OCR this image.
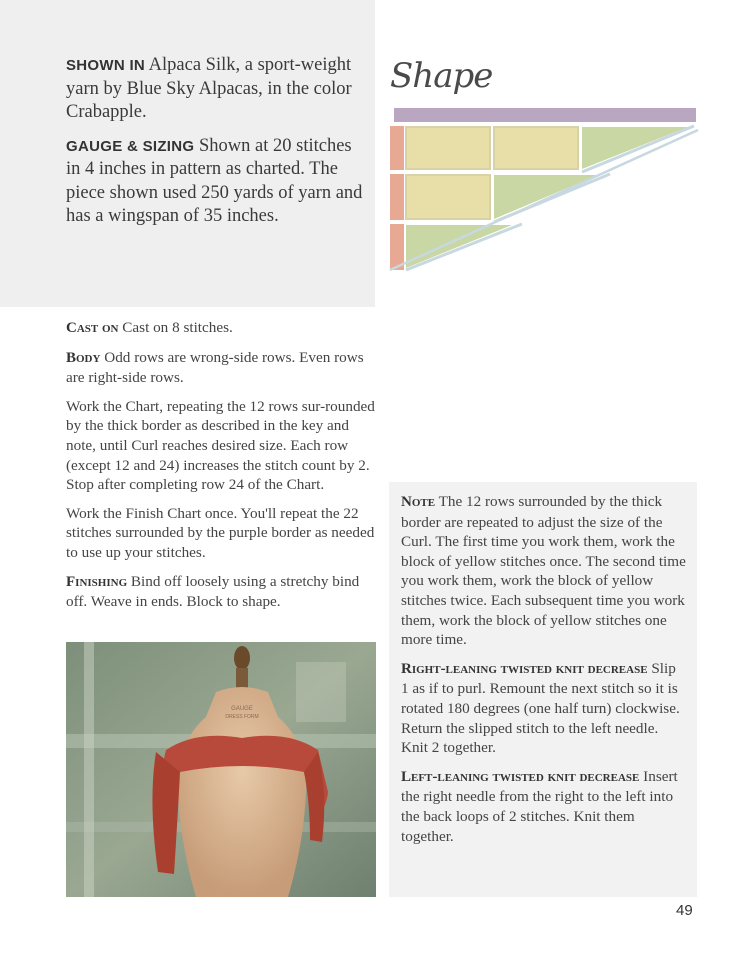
SHOWN IN Alpaca Silk, a sport-weight yarn by Blue Sky Alpacas, in the color Crabapple.

GAUGE & SIZING Shown at 20 stitches in 4 inches in pattern as charted. The piece shown used 250 yards of yarn and has a wingspan of 35 inches.

Shape

Cast on Cast on 8 stitches.

Body Odd rows are wrong-side rows. Even rows are right-side rows.

Work the Chart, repeating the 12 rows sur-rounded by the thick border as described in the key and note, until Curl reaches desired size. Each row (except 12 and 24) increases the stitch count by 2. Stop after completing row 24 of the Chart.

Work the Finish Chart once. You'll repeat the 22 stitches surrounded by the purple border as needed to use up your stitches.

Finishing Bind off loosely using a stretchy bind off. Weave in ends. Block to shape.

GAUGE
DRESS FORM

Note The 12 rows surrounded by the thick border are repeated to adjust the size of the Curl. The first time you work them, work the block of yellow stitches once. The second time you work them, work the block of yellow stitches twice. Each subsequent time you work them, work the block of yellow stitches one more time.

Right-leaning twisted knit decrease Slip 1 as if to purl. Remount the next stitch so it is rotated 180 degrees (one half turn) clockwise. Return the slipped stitch to the left needle. Knit 2 together.

Left-leaning twisted knit decrease Insert the right needle from the right to the left into the back loops of 2 stitches. Knit them together.

49
